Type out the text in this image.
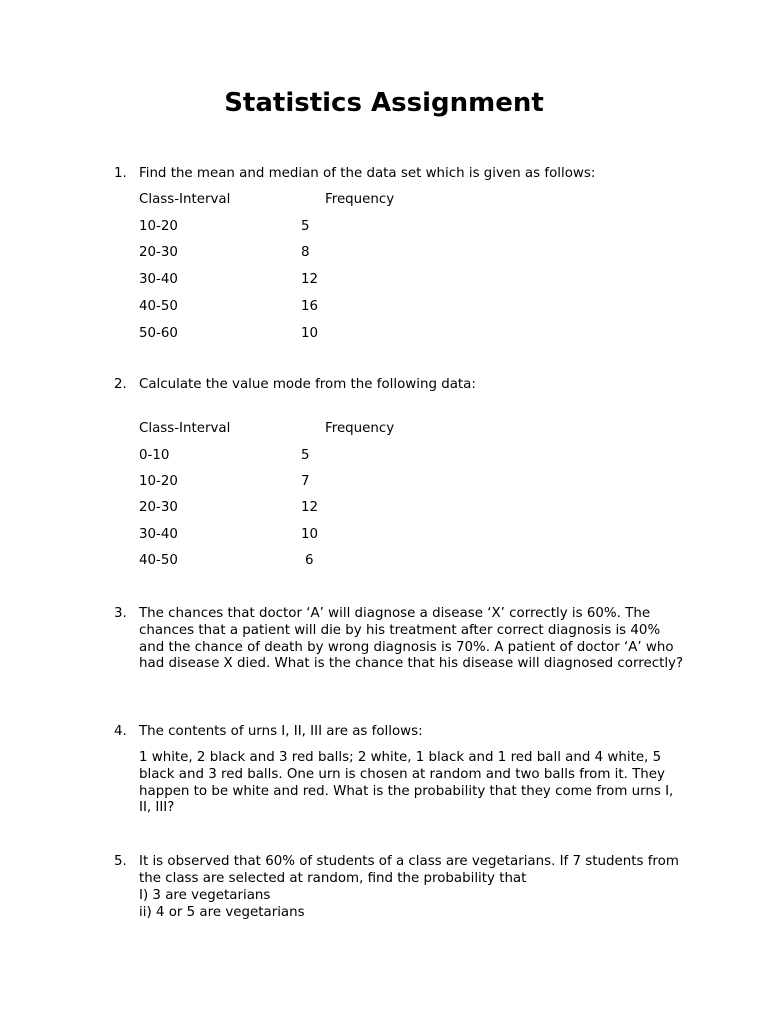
Statistics Assignment
1. Find the mean and median of the data set which is given as follows:
Class-Interval	Frequency
10-20	5
20-30	8
30-40	12
40-50	16
50-60	10
2. Calculate the value mode from the following data:
Class-Interval	Frequency
0-10	5
10-20	7
20-30	12
30-40	10
40-50	6
3. The chances that doctor ‘A’ will diagnose a disease ‘X’ correctly is 60%. The chances that a patient will die by his treatment after correct diagnosis is 40% and the chance of death by wrong diagnosis is 70%. A patient of doctor ‘A’ who had disease X died. What is the chance that his disease will diagnosed correctly?
4. The contents of urns I, II, III are as follows:
1 white, 2 black and 3 red balls; 2 white, 1 black and 1 red ball and 4 white, 5 black and 3 red balls. One urn is chosen at random and two balls from it. They happen to be white and red. What is the probability that they come from urns I, II, III?
5. It is observed that 60% of students of a class are vegetarians. If 7 students from the class are selected at random, find the probability that
I) 3 are vegetarians
ii) 4 or 5 are vegetarians
